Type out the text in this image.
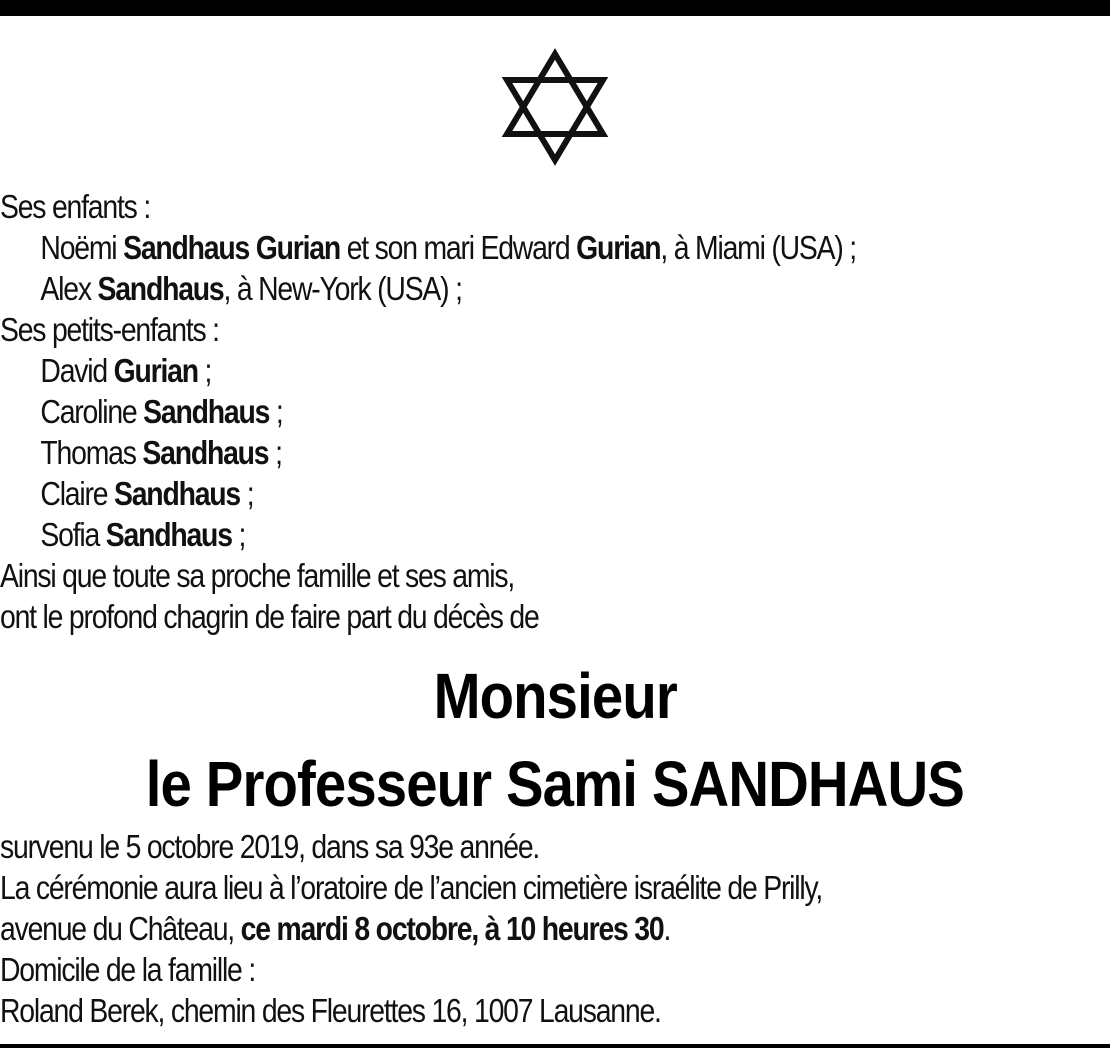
Ses enfants :
Noëmi Sandhaus Gurian et son mari Edward Gurian, à Miami (USA) ;
Alex Sandhaus, à New-York (USA) ;
Ses petits-enfants :
David Gurian ;
Caroline Sandhaus ;
Thomas Sandhaus ;
Claire Sandhaus ;
Sofia Sandhaus ;
Ainsi que toute sa proche famille et ses amis,
ont le profond chagrin de faire part du décès de
Monsieur
le Professeur Sami SANDHAUS
survenu le 5 octobre 2019, dans sa 93e année.
La cérémonie aura lieu à l’oratoire de l’ancien cimetière israélite de Prilly,
avenue du Château, ce mardi 8 octobre, à 10 heures 30.
Domicile de la famille :
Roland Berek, chemin des Fleurettes 16, 1007 Lausanne.
